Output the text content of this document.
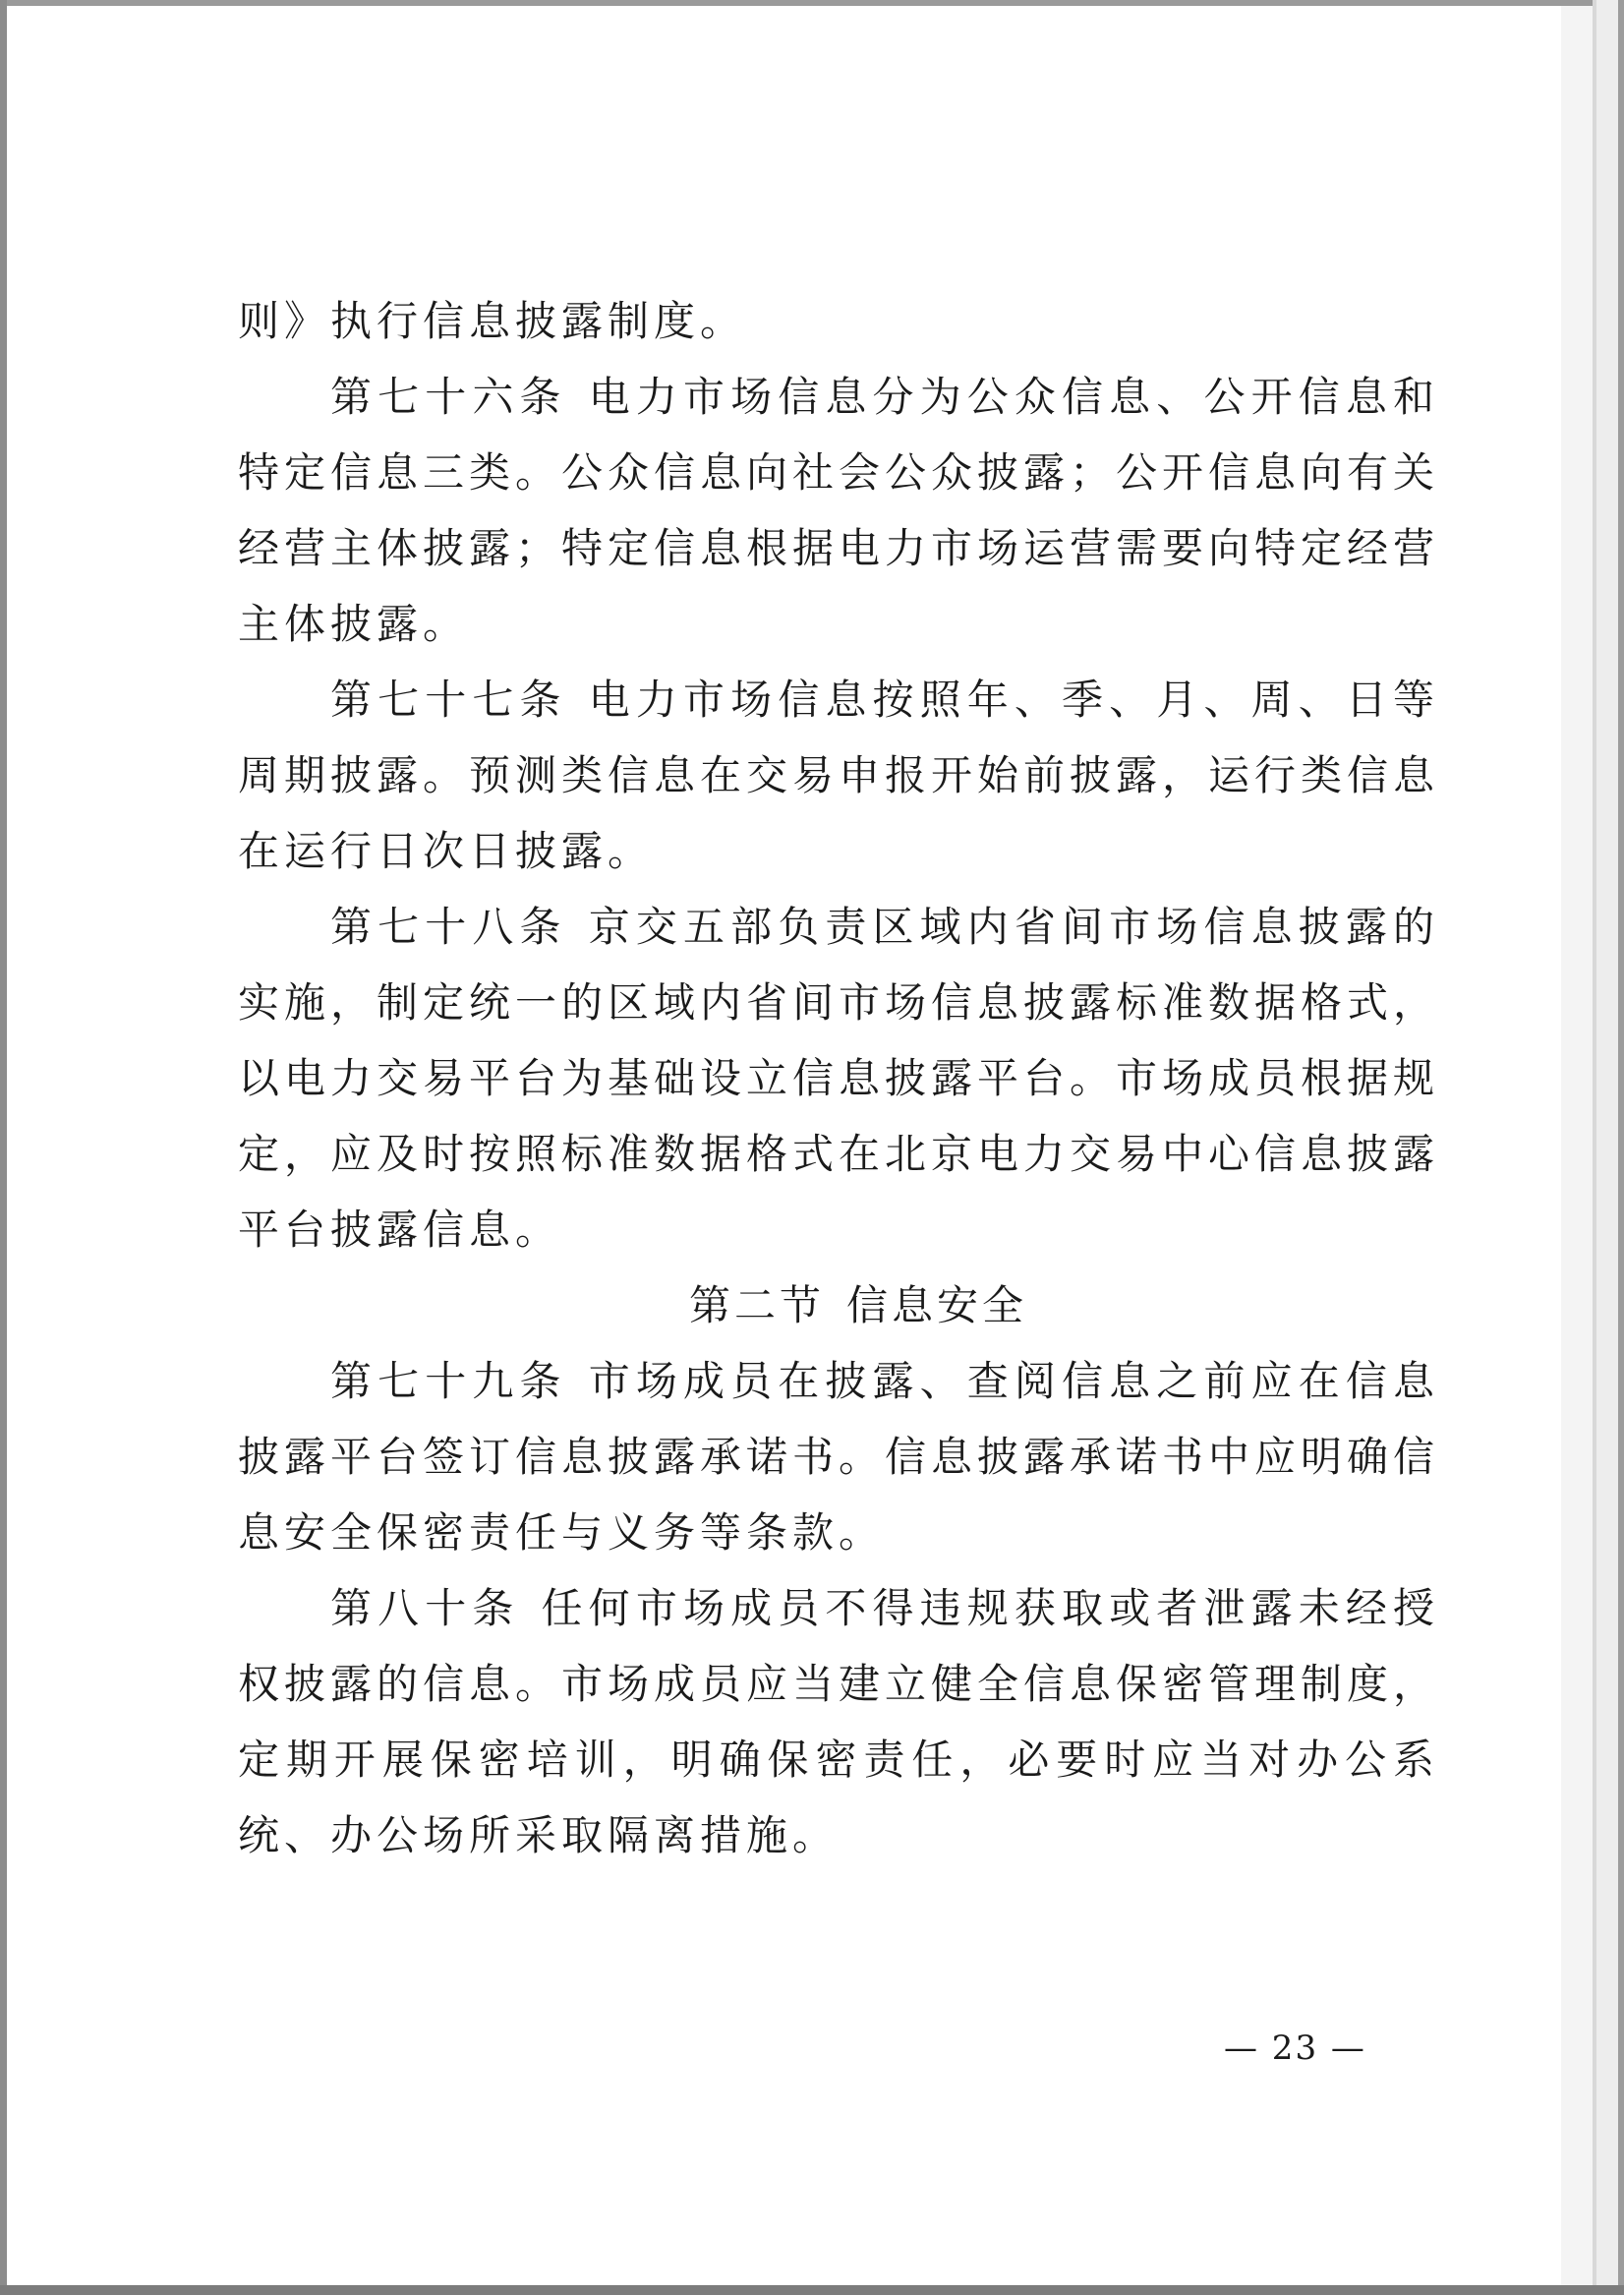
则》执行信息披露制度。

第七十六条 电力市场信息分为公众信息、公开信息和特定信息三类。公众信息向社会公众披露；公开信息向有关经营主体披露；特定信息根据电力市场运营需要向特定经营主体披露。

第七十七条 电力市场信息按照年、季、月、周、日等周期披露。预测类信息在交易申报开始前披露，运行类信息在运行日次日披露。

第七十八条 京交五部负责区域内省间市场信息披露的实施，制定统一的区域内省间市场信息披露标准数据格式，以电力交易平台为基础设立信息披露平台。市场成员根据规定，应及时按照标准数据格式在北京电力交易中心信息披露平台披露信息。

第二节 信息安全

第七十九条 市场成员在披露、查阅信息之前应在信息披露平台签订信息披露承诺书。信息披露承诺书中应明确信息安全保密责任与义务等条款。

第八十条 任何市场成员不得违规获取或者泄露未经授权披露的信息。市场成员应当建立健全信息保密管理制度，定期开展保密培训，明确保密责任，必要时应当对办公系统、办公场所采取隔离措施。

— 23 —
